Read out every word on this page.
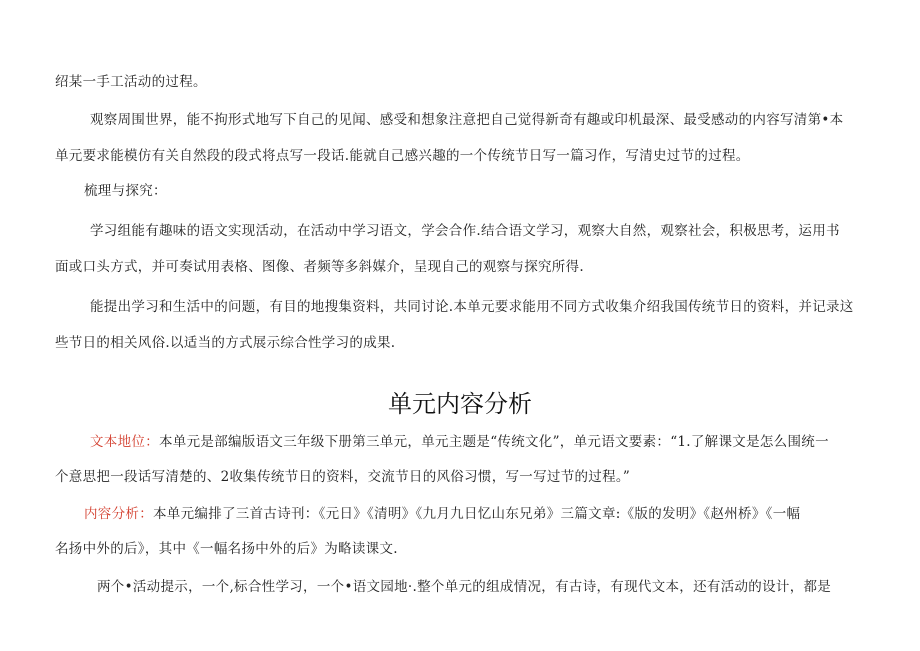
绍某一手工活动的过程。
观察周围世界，能不拘形式地写下自己的见闻、感受和想象注意把自己觉得新奇有趣或印机最深、最受感动的内容写清第•本
单元要求能模仿有关自然段的段式将点写一段话.能就自己感兴趣的一个传统节日写一篇习作，写清史过节的过程。
梳理与探究：
学习组能有趣味的语文实现活动，在活动中学习语文，学会合作.结合语文学习，观察大自然，观察社会，积极思考，运用书
面或口头方式，并可奏试用表格、图像、者频等多斜媒介，呈现自己的观察与探究所得.
能提出学习和生活中的问题，有目的地搜集资料，共同讨论.本单元要求能用不同方式收集介绍我国传统节日的资料，并记录这
些节日的相关风俗.以适当的方式展示综合性学习的成果.
单元内容分析
文本地位：本单元是部编版语文三年级下册第三单元，单元主题是“传统文化”，单元语文要素：“1.了解课文是怎么围统一
个意思把一段话写清楚的、2收集传统节日的资料，交流节日的风俗习惯，写一写过节的过程。”
内容分析：本单元编排了三首古诗刊：《元日》《清明》《九月九日忆山东兄弟》三篇文章:《版的发明》《赵州桥》《一幅
名扬中外的后》，其中《一幅名扬中外的后》为略读课文.
两个•活动提示，一个,标合性学习，一个•语文园地·.整个单元的组成情况，有古诗，有现代文本，还有活动的设计，都是
